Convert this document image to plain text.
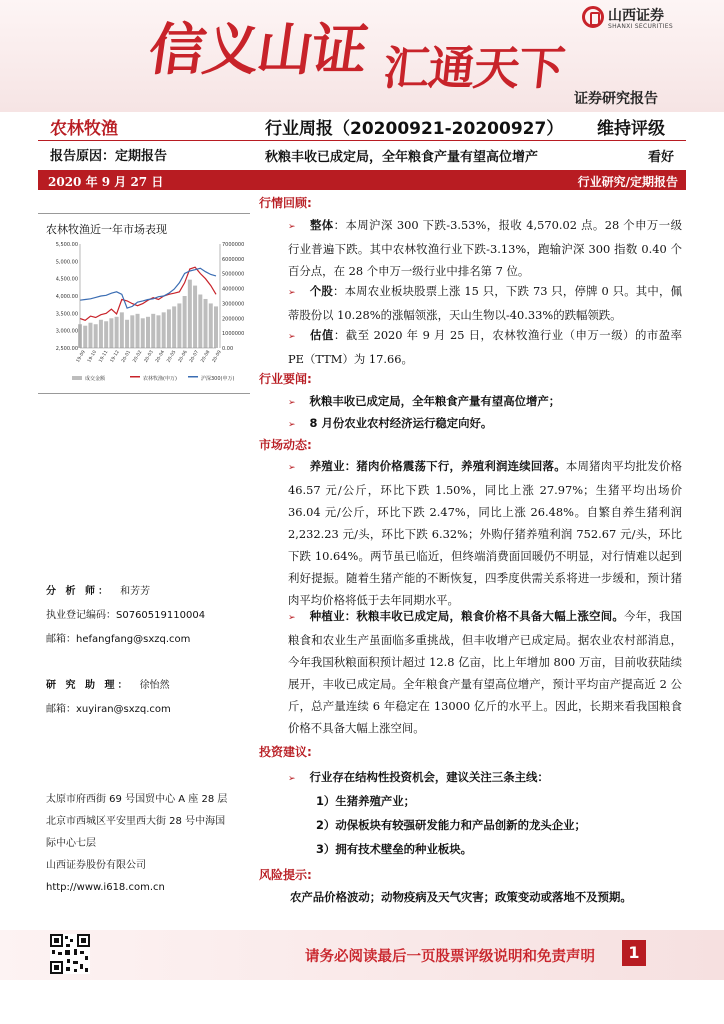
信义山证 汇通天下
山西证券
SHANXI SECURITIES
证券研究报告
农林牧渔	行业周报（20200921-20200927） 维持评级
报告原因：定期报告	秋粮丰收已成定局，全年粮食产量有望高位增产	看好
2020 年 9 月 27 日	行业研究/定期报告
农林牧渔近一年市场表现
5,500.00
5,000.00
4,500.00
4,000.00
3,500.00
3,000.00
2,500.00
7000000
6000000
5000000
4000000
3000000
2000000
1000000
0.00
19-09 19-10 19-11 19-12 20-01 20-02 20-03 20-04 20-05 20-06 20-07 20-08 20-09
成交金额	农林牧渔(申万)	沪深300(申万)
分 析 师： 和芳芳
执业登记编码：S0760519110004
邮箱：hefangfang@sxzq.com
研 究 助 理： 徐怡然
邮箱：xuyiran@sxzq.com
太原市府西街 69 号国贸中心 A 座 28 层
北京市西城区平安里西大街 28 号中海国
际中心七层
山西证券股份有限公司
http://www.i618.com.cn
行情回顾:
➢ 整体：本周沪深 300 下跌-3.53%，报收 4,570.02 点。28 个申万一级行业普遍下跌。其中农林牧渔行业下跌-3.13%，跑输沪深 300 指数 0.40 个百分点，在 28 个申万一级行业中排名第 7 位。
➢ 个股：本周农业板块股票上涨 15 只，下跌 73 只，停牌 0 只。其中，佩蒂股份以 10.28%的涨幅领涨，天山生物以-40.33%的跌幅领跌。
➢ 估值：截至 2020 年 9 月 25 日，农林牧渔行业（申万一级）的市盈率 PE（TTM）为 17.66。
行业要闻:
➢ 秋粮丰收已成定局，全年粮食产量有望高位增产；
➢ 8 月份农业农村经济运行稳定向好。
市场动态:
➢ 养殖业：猪肉价格震荡下行，养殖利润连续回落。本周猪肉平均批发价格 46.57 元/公斤，环比下跌 1.50%，同比上涨 27.97%；生猪平均出场价 36.04 元/公斤，环比下跌 2.47%，同比上涨 26.48%。自繁自养生猪利润 2,232.23 元/头，环比下跌 6.32%；外购仔猪养殖利润 752.67 元/头，环比下跌 10.64%。两节虽已临近，但终端消费面回暖仍不明显，对行情难以起到利好提振。随着生猪产能的不断恢复，四季度供需关系将进一步缓和，预计猪肉平均价格将低于去年同期水平。
➢ 种植业：秋粮丰收已成定局，粮食价格不具备大幅上涨空间。今年，我国粮食和农业生产虽面临多重挑战，但丰收增产已成定局。据农业农村部消息，今年我国秋粮面积预计超过 12.8 亿亩，比上年增加 800 万亩，目前收获陆续展开，丰收已成定局。全年粮食产量有望高位增产，预计平均亩产提高近 2 公斤，总产量连续 6 年稳定在 13000 亿斤的水平上。因此，长期来看我国粮食价格不具备大幅上涨空间。
投资建议:
➢ 行业存在结构性投资机会，建议关注三条主线：
1）生猪养殖产业；
2）动保板块有较强研发能力和产品创新的龙头企业；
3）拥有技术壁垒的种业板块。
风险提示:
农产品价格波动；动物疫病及天气灾害；政策变动或落地不及预期。
请务必阅读最后一页股票评级说明和免责声明	1
